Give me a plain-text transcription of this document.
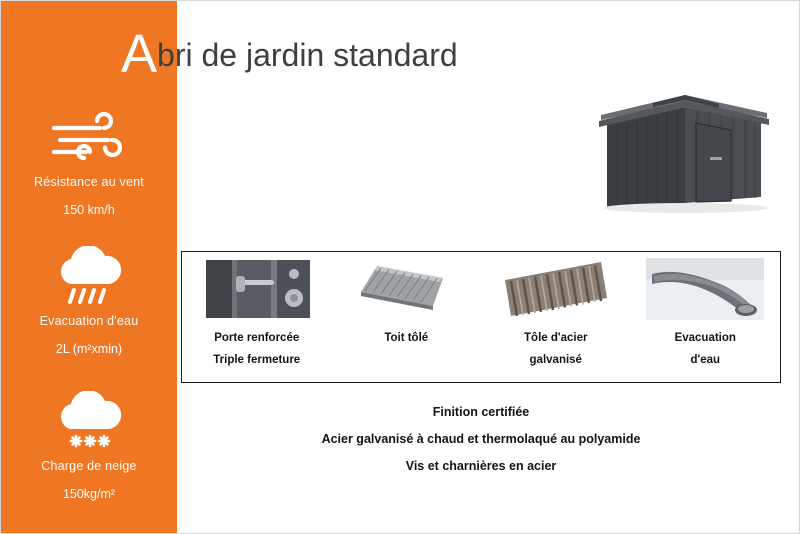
Résistance au vent
150 km/h
Evacuation d'eau
2L (m²xmin)
Charge de neige
150kg/m²
Abri de jardin standard
Porte renforcée
Triple fermeture
Toit tôlé	Tôle d'acier
galvanisé
Evacuation
d'eau
Finition certifiée
Acier galvanisé à chaud et thermolaqué au polyamide
Vis et charnières en acier
